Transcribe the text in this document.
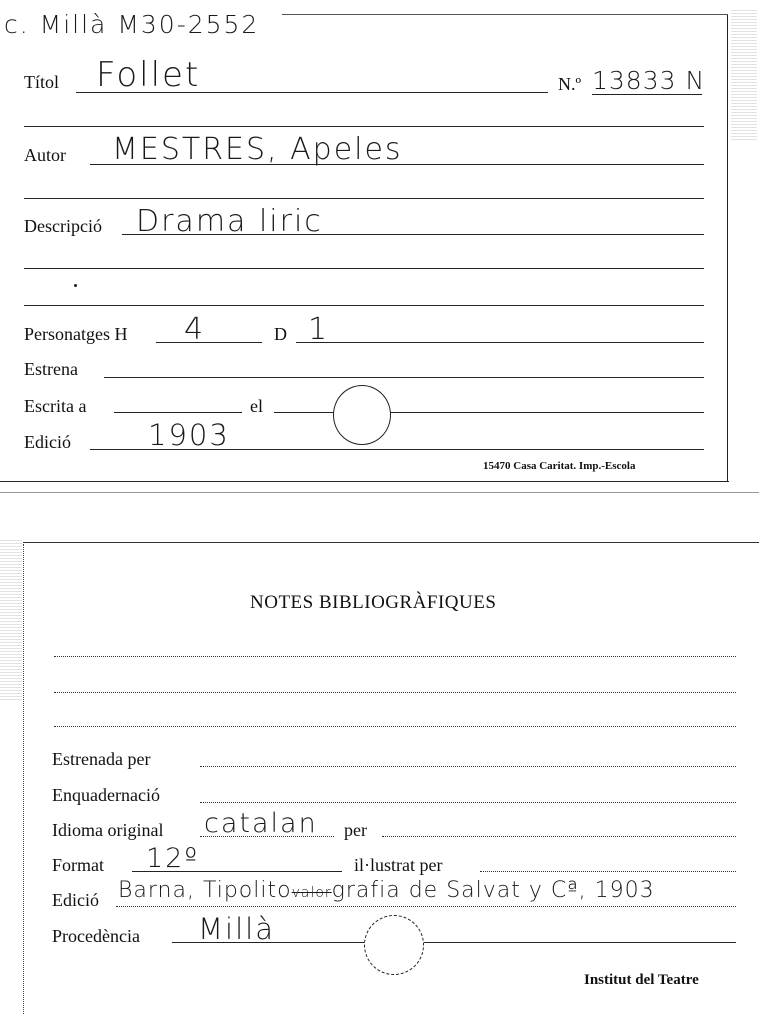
c. Millà M30-2552
Títol Follet	N.º 13833 N
Autor MESTRES, Apeles
Descripció Drama liric
Personatges H 4	D 1
Estrena
Escrita a	el
Edició	1903
15470 Casa Caritat. Imp.-Escola
NOTES BIBLIOGRÀFIQUES
Estrenada per
Enquadernació
Idioma original catalan per
Format 12º	il·lustrat per
Edició Barna, Tipolitovalorgrafia de Salvat y Cª, 1903
Procedència Millà
Institut del Teatre
